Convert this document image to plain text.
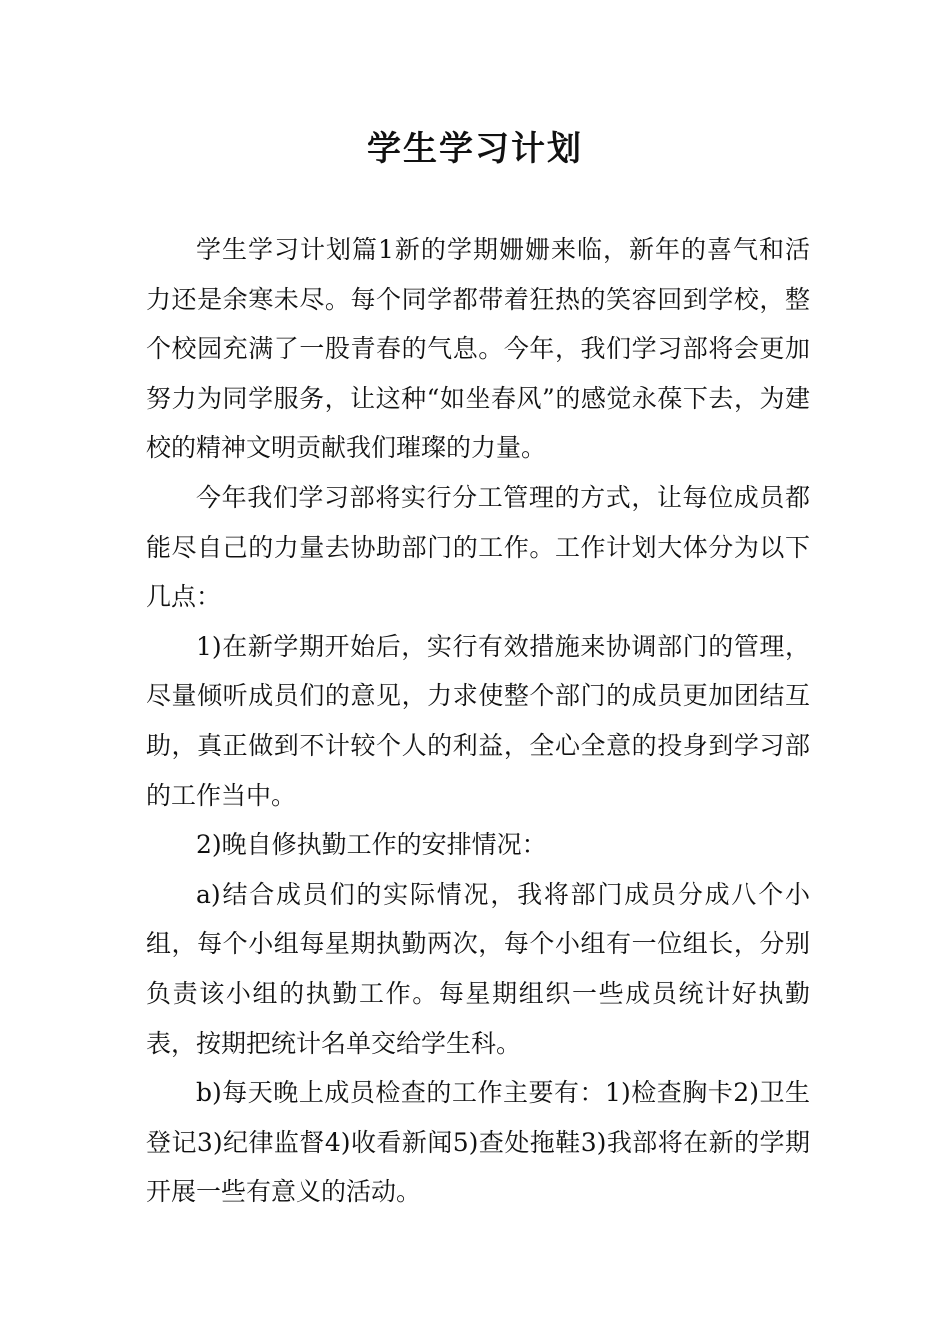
学生学习计划

学生学习计划篇1新的学期姗姗来临，新年的喜气和活力还是余寒未尽。每个同学都带着狂热的笑容回到学校，整个校园充满了一股青春的气息。今年，我们学习部将会更加努力为同学服务，让这种“如坐春风”的感觉永葆下去，为建校的精神文明贡献我们璀璨的力量。

今年我们学习部将实行分工管理的方式，让每位成员都能尽自己的力量去协助部门的工作。工作计划大体分为以下几点：

1)在新学期开始后，实行有效措施来协调部门的管理，尽量倾听成员们的意见，力求使整个部门的成员更加团结互助，真正做到不计较个人的利益，全心全意的投身到学习部的工作当中。

2)晚自修执勤工作的安排情况：

a)结合成员们的实际情况，我将部门成员分成八个小组，每个小组每星期执勤两次，每个小组有一位组长，分别负责该小组的执勤工作。每星期组织一些成员统计好执勤表，按期把统计名单交给学生科。

b)每天晚上成员检查的工作主要有：1)检查胸卡2)卫生登记3)纪律监督4)收看新闻5)查处拖鞋3)我部将在新的学期开展一些有意义的活动。
